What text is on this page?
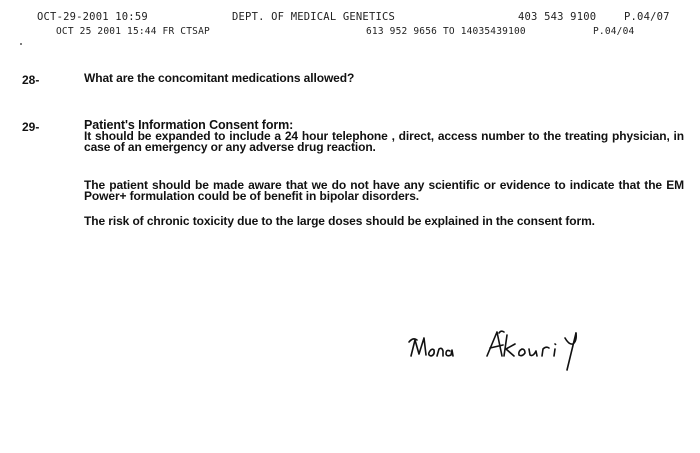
OCT-29-2001 10:59	DEPT. OF MEDICAL GENETICS	403 543 9100	P.04/07
OCT 25 2001 15:44 FR CTSAP	613 952 9656 TO 14035439100	P.04/04
28-	What are the concomitant medications allowed?
29-	Patient's Information Consent form:
It should be expanded to include a 24 hour telephone , direct, access number to the treating physician, in case of an emergency or any adverse drug reaction.
The patient should be made aware that we do not have any scientific or evidence to indicate that the EM Power+ formulation could be of benefit in bipolar disorders.
The risk of chronic toxicity due to the large doses should be explained in the consent form.
